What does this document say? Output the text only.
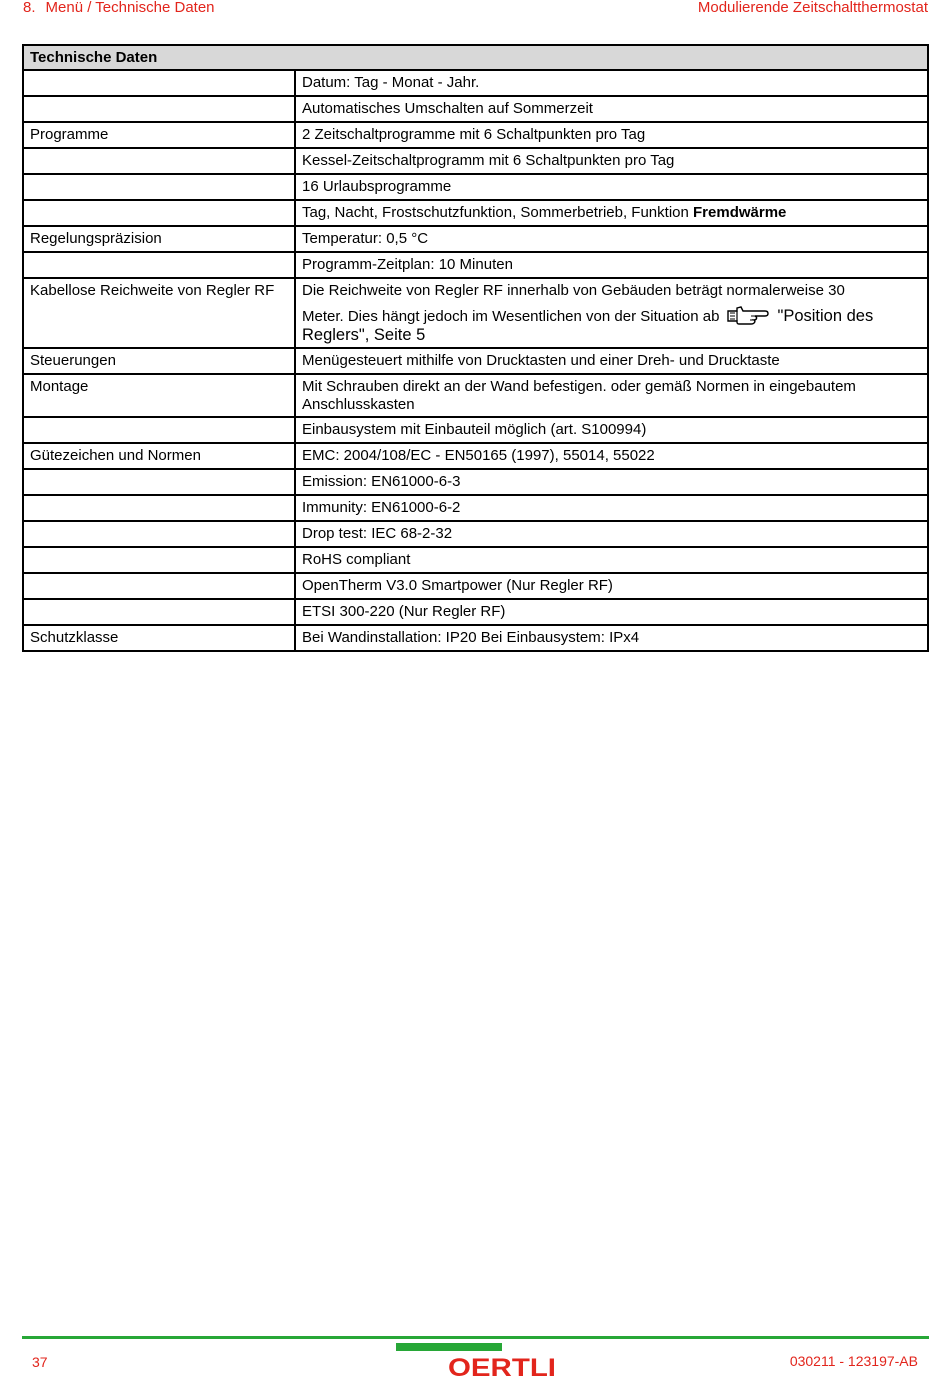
8. Menü / Technische Daten	Modulierende Zeitschaltthermostat
Technische Daten	
	Datum: Tag - Monat - Jahr.
	Automatisches Umschalten auf Sommerzeit
Programme	2 Zeitschaltprogramme mit 6 Schaltpunkten pro Tag
	Kessel-Zeitschaltprogramm mit 6 Schaltpunkten pro Tag
	16 Urlaubsprogramme
	Tag, Nacht, Frostschutzfunktion, Sommerbetrieb, Funktion Fremdwärme
Regelungspräzision	Temperatur: 0,5 °C
	Programm-Zeitplan: 10 Minuten
Kabellose Reichweite von Regler RF	Die Reichweite von Regler RF innerhalb von Gebäuden beträgt normalerweise 30
Meter. Dies hängt jedoch im Wesentlichen von der Situation ab "Position des Reglers", Seite 5

Steuerungen	Menügesteuert mithilfe von Drucktasten und einer Dreh- und Drucktaste
Montage	Mit Schrauben direkt an der Wand befestigen. oder gemäß Normen in eingebautem Anschlusskasten
	Einbausystem mit Einbauteil möglich (art. S100994)
Gütezeichen und Normen	EMC: 2004/108/EC - EN50165 (1997), 55014, 55022
	Emission: EN61000-6-3
	Immunity: EN61000-6-2
	Drop test: IEC 68-2-32
	RoHS compliant
	OpenTherm V3.0 Smartpower (Nur Regler RF)
	ETSI 300-220 (Nur Regler RF)
Schutzklasse	Bei Wandinstallation: IP20 Bei Einbausystem: IPx4
37	OERTLI	030211 - 123197-AB
